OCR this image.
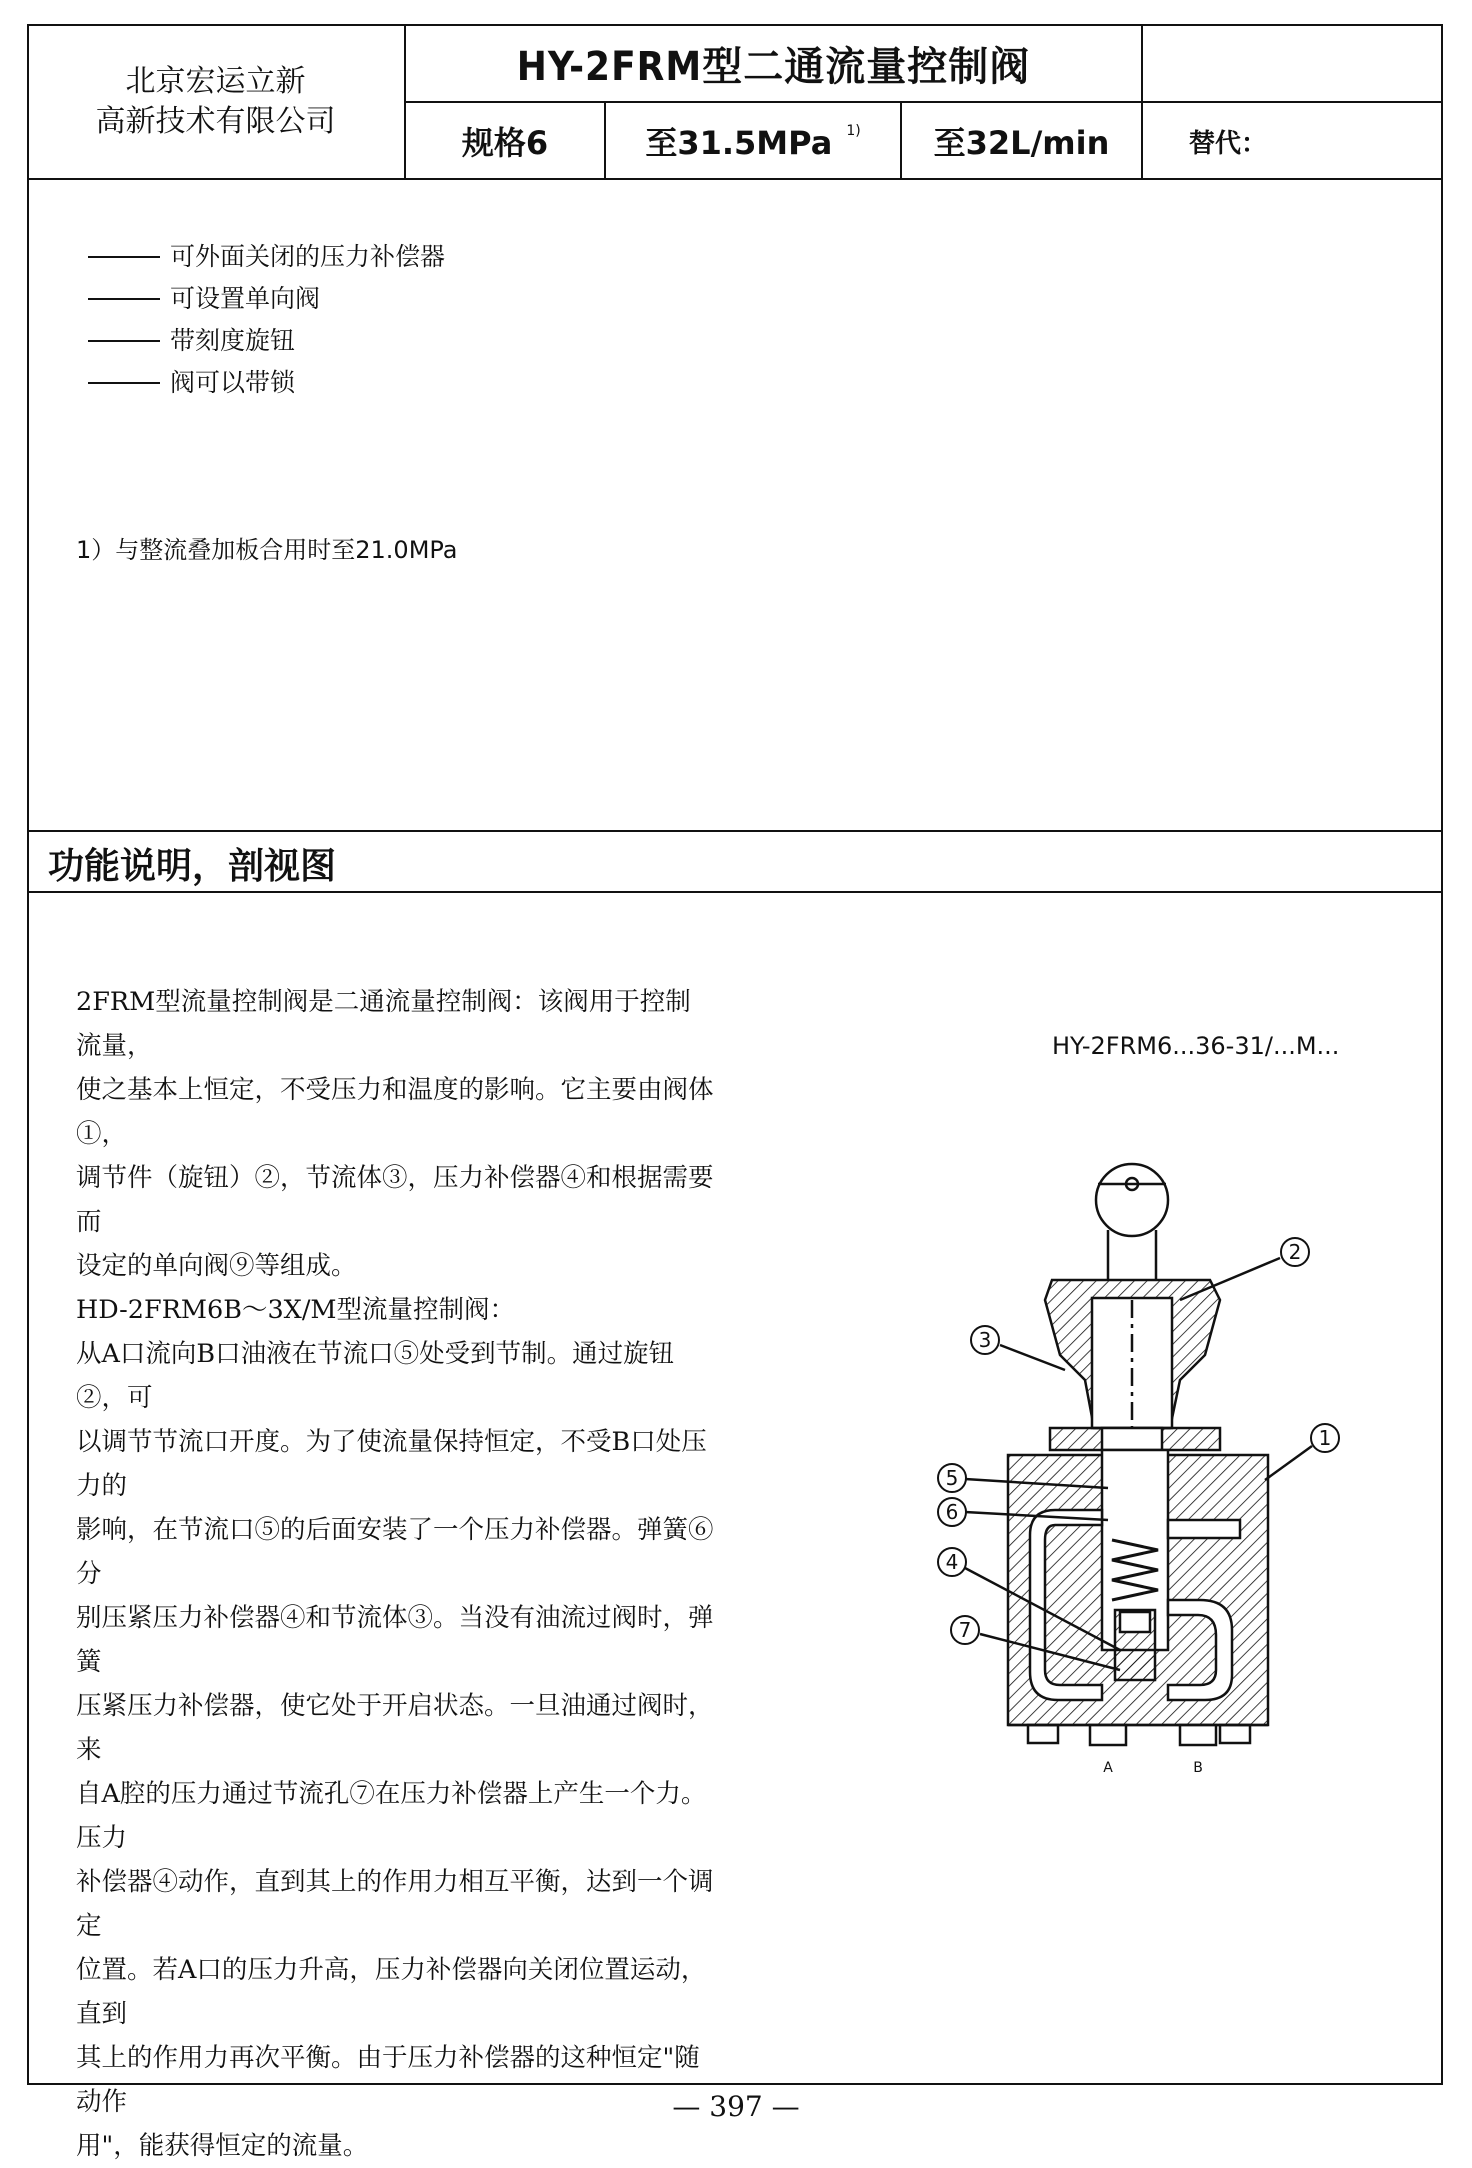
北京宏运立新
高新技术有限公司
HY-2FRM型二通流量控制阀
规格6	至31.5MPa 1)	至32L/min	替代：
可外面关闭的压力补偿器
可设置单向阀
带刻度旋钮
阀可以带锁
1）与整流叠加板合用时至21.0MPa
功能说明，剖视图

2FRM型流量控制阀是二通流量控制阀：该阀用于控制流量，

使之基本上恒定，不受压力和温度的影响。它主要由阀体①，

调节件（旋钮）②，节流体③，压力补偿器④和根据需要而

设定的单向阀⑨等组成。

HD-2FRM6B～3X/M型流量控制阀：

从A口流向B口油液在节流口⑤处受到节制。通过旋钮②，可

以调节节流口开度。为了使流量保持恒定，不受B口处压力的

影响，在节流口⑤的后面安装了一个压力补偿器。弹簧⑥分

别压紧压力补偿器④和节流体③。当没有油流过阀时，弹簧

压紧压力补偿器，使它处于开启状态。一旦油通过阀时，来

自A腔的压力通过节流孔⑦在压力补偿器上产生一个力。压力

补偿器④动作，直到其上的作用力相互平衡，达到一个调定

位置。若A口的压力升高，压力补偿器向关闭位置运动，直到

其上的作用力再次平衡。由于压力补偿器的这种恒定"随动作

用"，能获得恒定的流量。

HY-2FRM6...36-31/...M...
2
3
1
5
6
4
7
A	B
— 397 —
